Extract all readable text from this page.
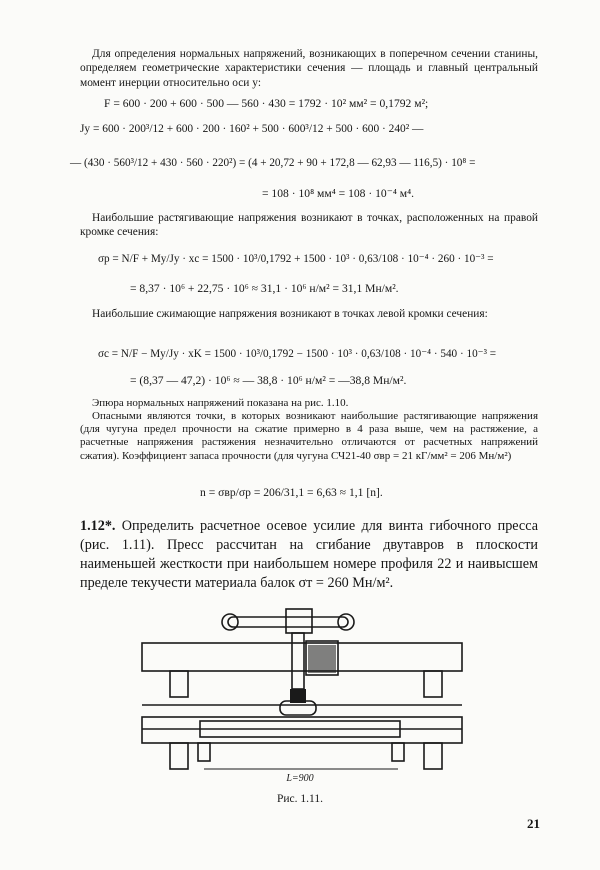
Для определения нормальных напряжений, возникающих в поперечном сечении станины, определяем геометрические характеристики сечения — площадь и главный центральный момент инерции относительно оси y:

F = 600 · 200 + 600 · 500 — 560 · 430 = 1792 · 10² мм² = 0,1792 м²;
Jy = 600 · 200³/12 + 600 · 200 · 160² + 500 · 600³/12 + 500 · 600 · 240² —
— (430 · 560³/12 + 430 · 560 · 220²) = (4 + 20,72 + 90 + 172,8 — 62,93 — 116,5) · 10⁸ =
= 108 · 10⁸ мм⁴ = 108 · 10⁻⁴ м⁴.

Наибольшие растягивающие напряжения возникают в точках, расположенных на правой кромке сечения:

σp = N/F + My/Jy · xc = 1500 · 10³/0,1792 + 1500 · 10³ · 0,63/108 · 10⁻⁴ · 260 · 10⁻³ =
= 8,37 · 10⁶ + 22,75 · 10⁶ ≈ 31,1 · 10⁶ н/м² = 31,1 Мн/м².

Наибольшие сжимающие напряжения возникают в точках левой кромки сечения:

σc = N/F − My/Jy · xK = 1500 · 10³/0,1792 − 1500 · 10³ · 0,63/108 · 10⁻⁴ · 540 · 10⁻³ =
= (8,37 — 47,2) · 10⁶ ≈ — 38,8 · 10⁶ н/м² = —38,8 Мн/м².

Эпюра нормальных напряжений показана на рис. 1.10.

Опасными являются точки, в которых возникают наибольшие растягивающие напряжения (для чугуна предел прочности на сжатие примерно в 4 раза выше, чем на растяжение, а расчетные напряжения растяжения незначительно отличаются от расчетных напряжений сжатия). Коэффициент запаса прочности (для чугуна СЧ21-40 σвр = 21 кГ/мм² = 206 Мн/м²)

n = σвр/σр = 206/31,1 = 6,63 ≈ 1,1 [n].

1.12*. Определить расчетное осевое усилие для винта гибочного пресса (рис. 1.11). Пресс рассчитан на сгибание двутавров в плоскости наименьшей жесткости при наибольшем номере профиля 22 и наивысшем пределе текучести материала балок σт = 260 Мн/м².

L=900
Рис. 1.11.
21
